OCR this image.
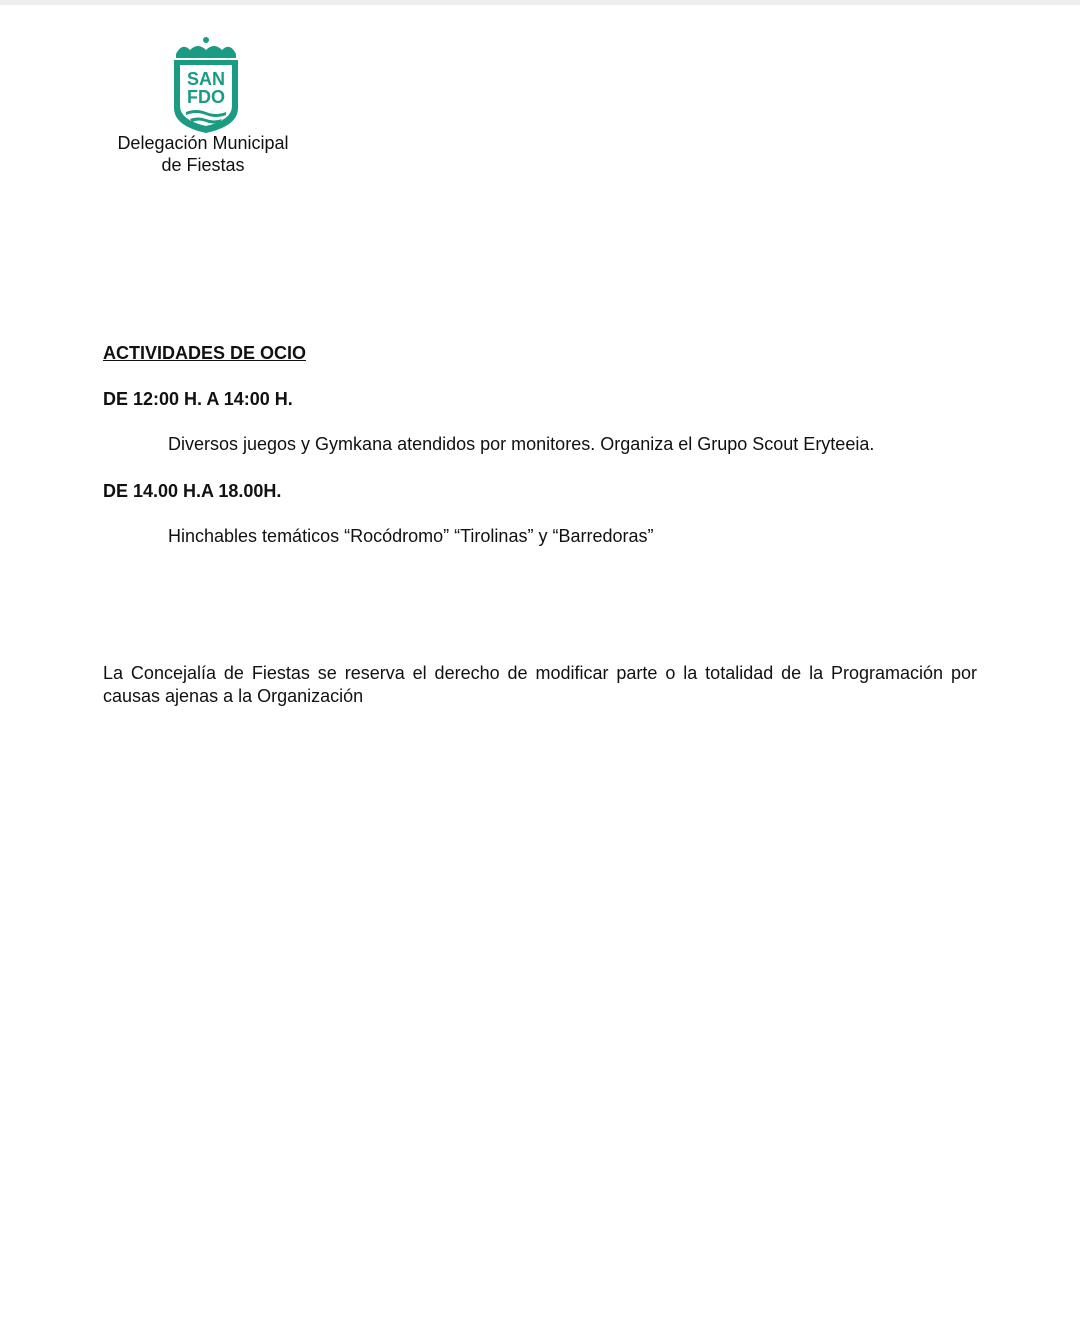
SAN
FDO
Delegación Municipal
de Fiestas
ACTIVIDADES DE OCIO
DE 12:00 H. A 14:00 H.
Diversos juegos y Gymkana atendidos por monitores. Organiza el Grupo Scout Eryteeia.
DE 14.00 H.A 18.00H.
Hinchables temáticos “Rocódromo” “Tirolinas” y “Barredoras”
La Concejalía de Fiestas se reserva el derecho de modificar parte o la totalidad de la Programación por causas ajenas a la Organización
